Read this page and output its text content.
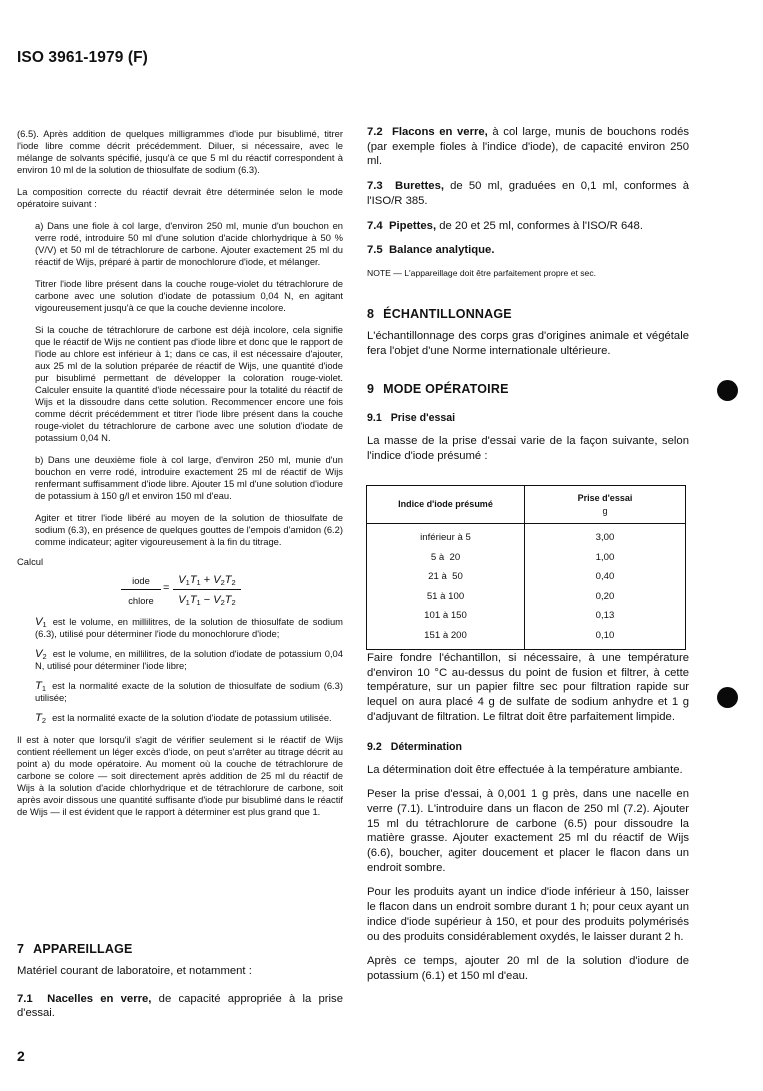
ISO 3961-1979 (F)

(6.5). Après addition de quelques milligrammes d'iode pur bisublimé, titrer l'iode libre comme décrit précédemment. Diluer, si nécessaire, avec le mélange de solvants spécifié, jusqu'à ce que 5 ml du réactif correspondent à environ 10 ml de la solution de thiosulfate de sodium (6.3).

La composition correcte du réactif devrait être déterminée selon le mode opératoire suivant :

a) Dans une fiole à col large, d'environ 250 ml, munie d'un bouchon en verre rodé, introduire 50 ml d'une solution d'acide chlorhydrique à 50 % (V/V) et 50 ml de tétrachlorure de carbone. Ajouter exactement 25 ml du réactif de Wijs, préparé à partir de monochlorure d'iode, et mélanger.

Titrer l'iode libre présent dans la couche rouge-violet du tétrachlorure de carbone avec une solution d'iodate de potassium 0,04 N, en agitant vigoureusement jusqu'à ce que la couche devienne incolore.

Si la couche de tétrachlorure de carbone est déjà incolore, cela signifie que le réactif de Wijs ne contient pas d'iode libre et donc que le rapport de l'iode au chlore est inférieur à 1; dans ce cas, il est nécessaire d'ajouter, aux 25 ml de la solution préparée de réactif de Wijs, une quantité d'iode pur bisublimé permettant de développer la coloration rouge-violet. Calculer ensuite la quantité d'iode nécessaire pour la totalité du réactif de Wijs et la dissoudre dans cette solution. Recommencer encore une fois comme décrit précédemment et titrer l'iode libre présent dans la couche rouge-violet du tétrachlorure de carbone avec une solution d'iodate de potassium 0,04 N.

b) Dans une deuxième fiole à col large, d'environ 250 ml, munie d'un bouchon en verre rodé, introduire exactement 25 ml de réactif de Wijs renfermant suffisamment d'iode libre. Ajouter 15 ml d'une solution d'iodure de potassium à 150 g/l et environ 150 ml d'eau.

Agiter et titrer l'iode libéré au moyen de la solution de thiosulfate de sodium (6.3), en présence de quelques gouttes de l'empois d'amidon (6.2) comme indicateur; agiter vigoureusement à la fin du titrage.

Calcul

iode
chlore
= $\frac{V_1T_1 + V_2T_2}{V_1T_1 - V_2T_2}$

$V_1$ est le volume, en millilitres, de la solution de thiosulfate de sodium (6.3), utilisé pour déterminer l'iode du monochlorure d'iode;

$V_2$ est le volume, en millilitres, de la solution d'iodate de potassium 0,04 N, utilisé pour déterminer l'iode libre;

$T_1$ est la normalité exacte de la solution de thiosulfate de sodium (6.3) utilisée;

$T_2$ est la normalité exacte de la solution d'iodate de potassium utilisée.

Il est à noter que lorsqu'il s'agit de vérifier seulement si le réactif de Wijs contient réellement un léger excès d'iode, on peut s'arrêter au titrage décrit au point a) du mode opératoire. Au moment où la couche de tétrachlorure de carbone se colore — soit directement après addition de 25 ml du réactif de Wijs à la solution d'acide chlorhydrique et de tétrachlorure de carbone, soit après avoir dissous une quantité suffisante d'iode pur bisublimé dans le réactif de Wijs — il est évident que le rapport à déterminer est plus grand que 1.

7 APPAREILLAGE

Matériel courant de laboratoire, et notamment :

7.1 Nacelles en verre, de capacité appropriée à la prise d'essai.

7.2 Flacons en verre, à col large, munis de bouchons rodés (par exemple fioles à l'indice d'iode), de capacité environ 250 ml.

7.3 Burettes, de 50 ml, graduées en 0,1 ml, conformes à l'ISO/R 385.

7.4 Pipettes, de 20 et 25 ml, conformes à l'ISO/R 648.

7.5 Balance analytique.

NOTE — L'appareillage doit être parfaitement propre et sec.

8 ÉCHANTILLONNAGE

L'échantillonnage des corps gras d'origines animale et végétale fera l'objet d'une Norme internationale ultérieure.

9 MODE OPÉRATOIRE
9.1 Prise d'essai

La masse de la prise d'essai varie de la façon suivante, selon l'indice d'iode présumé :

Indice d'iode présumé	Prise d'essai
g
inférieur à 5	3,00
5 à  20	1,00
21 à  50	0,40
51 à 100	0,20
101 à 150	0,13
151 à 200	0,10

Faire fondre l'échantillon, si nécessaire, à une température d'environ 10 °C au-dessus du point de fusion et filtrer, à cette température, sur un papier filtre sec pour filtration rapide sur lequel on aura placé 4 g de sulfate de sodium anhydre et 1 g d'adjuvant de filtration. Le filtrat doit être parfaitement limpide.

9.2 Détermination

La détermination doit être effectuée à la température ambiante.

Peser la prise d'essai, à 0,001 1 g près, dans une nacelle en verre (7.1). L'introduire dans un flacon de 250 ml (7.2). Ajouter 15 ml du tétrachlorure de carbone (6.5) pour dissoudre la matière grasse. Ajouter exactement 25 ml du réactif de Wijs (6.6), boucher, agiter doucement et placer le flacon dans un endroit sombre.

Pour les produits ayant un indice d'iode inférieur à 150, laisser le flacon dans un endroit sombre durant 1 h; pour ceux ayant un indice d'iode supérieur à 150, et pour des produits polymérisés ou des produits considérablement oxydés, le laisser durant 2 h.

Après ce temps, ajouter 20 ml de la solution d'iodure de potassium (6.1) et 150 ml d'eau.

2
